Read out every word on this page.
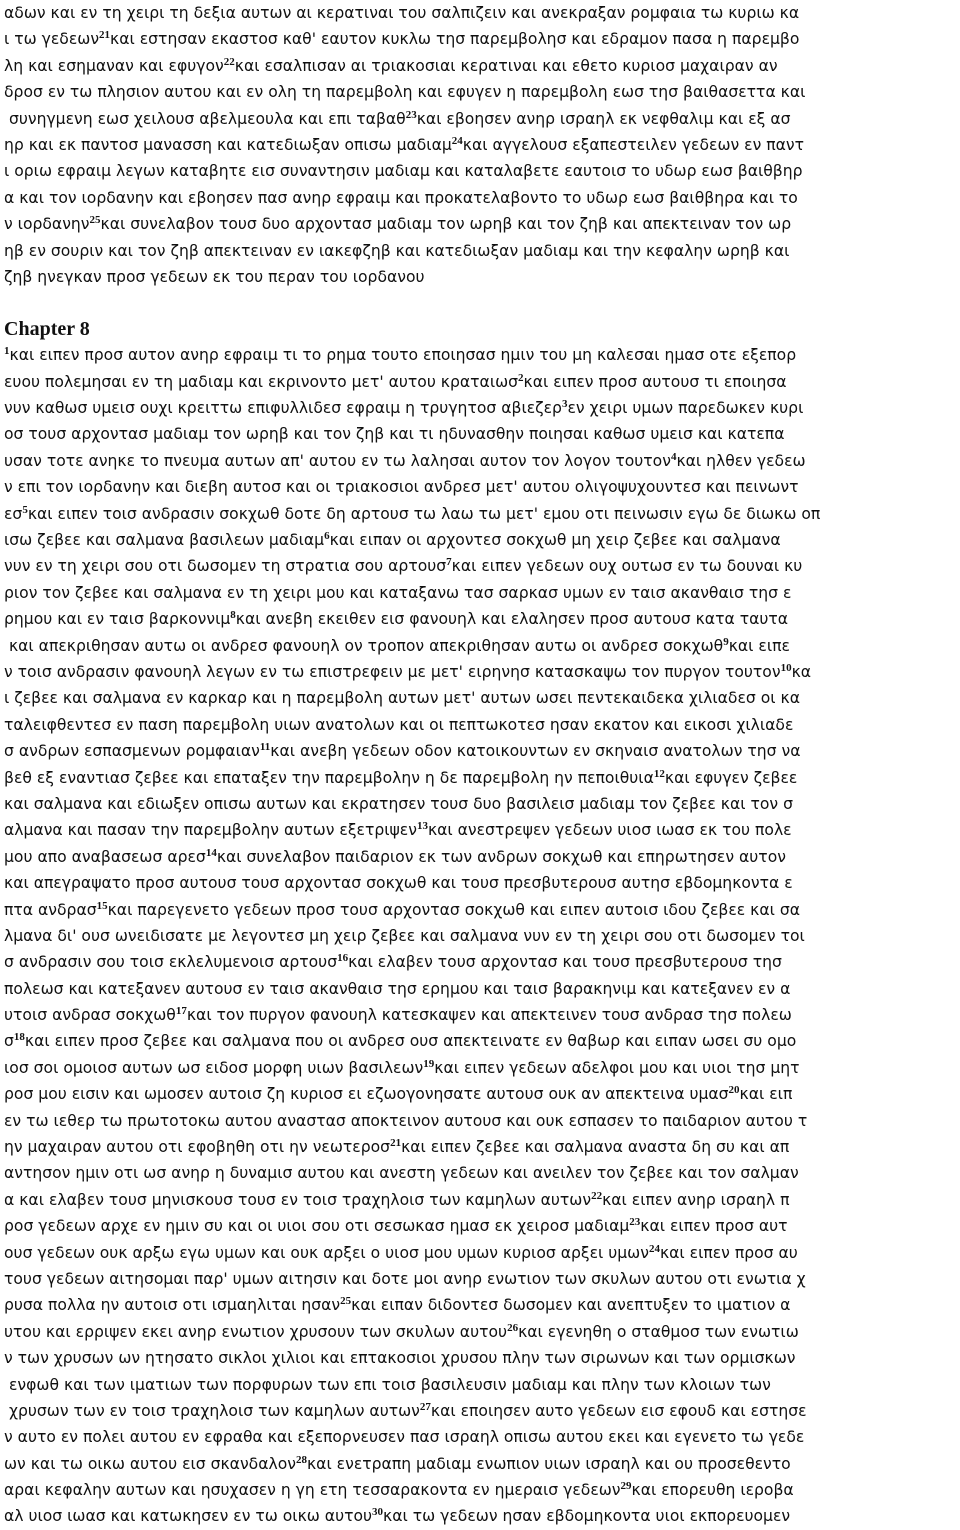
αδων και εν τη χειρι τη δεξια αυτων αι κερατιναι του σαλπιζειν και ανεκραξαν ρομφαια τω κυριω κα
ι τω γεδεων$^{21}$και εστησαν εκαστοσ καθ' εαυτον κυκλω τησ παρεμβολησ και εδραμον πασα η παρεμβο
λη και εσημαναν και εφυγον$^{22}$και εσαλπισαν αι τριακοσιαι κερατιναι και εθετο κυριοσ μαχαιραν αν
δροσ εν τω πλησιον αυτου και εν ολη τη παρεμβολη και εφυγεν η παρεμβολη εωσ τησ βαιθασεττα και
συνηγμενη εωσ χειλουσ αβελμεουλα και επι ταβαθ$^{23}$και εβοησεν ανηρ ισραηλ εκ νεφθαλιμ και εξ ασ
ηρ και εκ παντοσ μανασση και κατεδιωξαν οπισω μαδιαμ$^{24}$και αγγελουσ εξαπεστειλεν γεδεων εν παντ
ι οριω εφραιμ λεγων καταβητε εισ συναντησιν μαδιαμ και καταλαβετε εαυτοισ το υδωρ εωσ βαιθβηρ
α και τον ιορδανην και εβοησεν πασ ανηρ εφραιμ και προκατελαβοντο το υδωρ εωσ βαιθβηρα και το
ν ιορδανην$^{25}$και συνελαβον τουσ δυο αρχοντασ μαδιαμ τον ωρηβ και τον ζηβ και απεκτειναν τον ωρ
ηβ εν σουριν και τον ζηβ απεκτειναν εν ιακεφζηβ και κατεδιωξαν μαδιαμ και την κεφαλην ωρηβ και
ζηβ ηνεγκαν προσ γεδεων εκ του περαν του ιορδανου
Chapter 8
$^1$και ειπεν προσ αυτον ανηρ εφραιμ τι το ρημα τουτο εποιησασ ημιν του μη καλεσαι ημασ οτε εξεπορ
ευου πολεμησαι εν τη μαδιαμ και εκρινοντο μετ' αυτου κραταιωσ$^2$και ειπεν προσ αυτουσ τι εποιησα
νυν καθωσ υμεισ ουχι κρειττω επιφυλλιδεσ εφραιμ η τρυγητοσ αβιεζερ$^3$εν χειρι υμων παρεδωκεν κυρι
οσ τουσ αρχοντασ μαδιαμ τον ωρηβ και τον ζηβ και τι ηδυνασθην ποιησαι καθωσ υμεισ και κατεπα
υσαν τοτε ανηκε το πνευμα αυτων απ' αυτου εν τω λαλησαι αυτον τον λογον τουτον$^4$και ηλθεν γεδεω
ν επι τον ιορδανην και διεβη αυτοσ και οι τριακοσιοι ανδρεσ μετ' αυτου ολιγοψυχουντεσ και πεινωντ
$\varepsilon\sigma^5\kappa\alpha\iota$ ειπεν τοισ ανδρασιν σοκχωθ δοτε δη αρτουσ τω λαω τω μετ' εμου οτι πεινωσιν εγω δε διωκω οπ
ισω ζεβεε και σαλμανα βασιλεων μαδιαμ$^6$και ειπαν οι αρχοντεσ σοκχωθ μη χειρ ζεβεε και σαλμανα
νυν εν τη χειρι σου οτι δωσομεν τη στρατια σου αρτουσ$^7$και ειπεν γεδεων ουχ ουτωσ εν τω δουναι κυ
ριον τον ζεβεε και σαλμανα εν τη χειρι μου και καταξανω τασ σαρκασ υμων εν ταισ ακανθαισ τησ ε
ρημου και εν ταισ βαρκοννιμ$^8$και ανεβη εκειθεν εισ φανουηλ και ελαλησεν προσ αυτουσ κατα ταυτα
και απεκριθησαν αυτω οι ανδρεσ φανουηλ ον τροπον απεκριθησαν αυτω οι ανδρεσ σοκχωθ$^9$και ειπε
ν τοισ ανδρασιν φανουηλ λεγων εν τω επιστρεφειν με μετ' ειρηνησ κατασκαψω τον πυργον τουτον$^{10}$κα
ι ζεβεε και σαλμανα εν καρκαρ και η παρεμβολη αυτων μετ' αυτων ωσει πεντεκαιδεκα χιλιαδεσ οι κα
ταλειφθεντεσ εν παση παρεμβολη υιων ανατολων και οι πεπτωκοτεσ ησαν εκατον και εικοσι χιλιαδε
σ ανδρων εσπασμενων ρομφαιαν$^{11}$και ανεβη γεδεων οδον κατοικουντων εν σκηναισ ανατολων τησ να
βεθ εξ εναντιασ ζεβεε και επαταξεν την παρεμβολην η δε παρεμβολη ην πεποιθυια$^{12}$και εφυγεν ζεβεε
και σαλμανα και εδιωξεν οπισω αυτων και εκρατησεν τουσ δυο βασιλεισ μαδιαμ τον ζεβεε και τον σ
αλμανα και πασαν την παρεμβολην αυτων εξετριψεν$^{13}$και ανεστρεψεν γεδεων υιοσ ιωασ εκ του πολε
μου απο αναβασεωσ αρεσ$^{14}$και συνελαβον παιδαριον εκ των ανδρων σοκχωθ και επηρωτησεν αυτον
και απεγραψατο προσ αυτουσ τουσ αρχοντασ σοκχωθ και τουσ πρεσβυτερουσ αυτησ εβδομηκοντα ε
πτα ανδρασ$^{15}$και παρεγενετο γεδεων προσ τουσ αρχοντασ σοκχωθ και ειπεν αυτοισ ιδου ζεβεε και σα
λμανα δι' ουσ ωνειδισατε με λεγοντεσ μη χειρ ζεβεε και σαλμανα νυν εν τη χειρι σου οτι δωσομεν τοι
σ ανδρασιν σου τοισ εκλελυμενοισ αρτουσ$^{16}$και ελαβεν τουσ αρχοντασ και τουσ πρεσβυτερουσ τησ
πολεωσ και κατεξανεν αυτουσ εν ταισ ακανθαισ τησ ερημου και ταισ βαρακηνιμ και κατεξανεν εν α
υτοισ ανδρασ σοκχωθ$^{17}$και τον πυργον φανουηλ κατεσκαψεν και απεκτεινεν τουσ ανδρασ τησ πολεω
$\sigma^{18}\kappa\alpha\iota$ ειπεν προσ ζεβεε και σαλμανα που οι ανδρεσ ουσ απεκτεινατε εν θαβωρ και ειπαν ωσει συ ομο
ιοσ σοι ομοιοσ αυτων ωσ ειδοσ μορφη υιων βασιλεων$^{19}$και ειπεν γεδεων αδελφοι μου και υιοι τησ μητ
ροσ μου εισιν και ωμοσεν αυτοισ ζη κυριοσ ει εζωογονησατε αυτουσ ουκ αν απεκτεινα υμασ$^{20}$και ειπ
εν τω ιεθερ τω πρωτοτοκω αυτου αναστασ αποκτεινον αυτουσ και ουκ εσπασεν το παιδαριον αυτου τ
ην μαχαιραν αυτου οτι εφοβηθη οτι ην νεωτεροσ$^{21}$και ειπεν ζεβεε και σαλμανα αναστα δη συ και απ
αντησον ημιν οτι ωσ ανηρ η δυναμισ αυτου και ανεστη γεδεων και ανειλεν τον ζεβεε και τον σαλμαν
α και ελαβεν τουσ μηνισκουσ τουσ εν τοισ τραχηλοισ των καμηλων αυτων$^{22}$και ειπεν ανηρ ισραηλ π
ροσ γεδεων αρχε εν ημιν συ και οι υιοι σου οτι σεσωκασ ημασ εκ χειροσ μαδιαμ$^{23}$και ειπεν προσ αυτ
ουσ γεδεων ουκ αρξω εγω υμων και ουκ αρξει ο υιοσ μου υμων κυριοσ αρξει υμων$^{24}$και ειπεν προσ αυ
τουσ γεδεων αιτησομαι παρ' υμων αιτησιν και δοτε μοι ανηρ ενωτιον των σκυλων αυτου οτι ενωτια χ
ρυσα πολλα ην αυτοισ οτι ισμαηλιται ησαν$^{25}$και ειπαν διδοντεσ δωσομεν και ανεπτυξεν το ιματιον α
υτου και ερριψεν εκει ανηρ ενωτιον χρυσουν των σκυλων αυτου$^{26}$και εγενηθη ο σταθμοσ των ενωτιω
ν των χρυσων ων ητησατο σικλοι χιλιοι και επτακοσιοι χρυσου πλην των σιρωνων και των ορμισκων
ενφωθ και των ιματιων των πορφυρων των επι τοισ βασιλευσιν μαδιαμ και πλην των κλοιων των
χρυσων των εν τοισ τραχηλοισ των καμηλων αυτων$^{27}$και εποιησεν αυτο γεδεων εισ εφουδ και εστησε
ν αυτο εν πολει αυτου εν εφραθα και εξεπορνευσεν πασ ισραηλ οπισω αυτου εκει και εγενετο τω γεδε
ων και τω οικω αυτου εισ σκανδαλον$^{28}$και ενετραπη μαδιαμ ενωπιον υιων ισραηλ και ου προσεθεντο
αραι κεφαλην αυτων και ησυχασεν η γη ετη τεσσαρακοντα εν ημεραισ γεδεων$^{29}$και επορευθη ιεροβα
αλ υιοσ ιωασ και κατωκησεν εν τω οικω αυτου$^{30}$και τω γεδεων ησαν εβδομηκοντα υιοι εκπορευομεν
